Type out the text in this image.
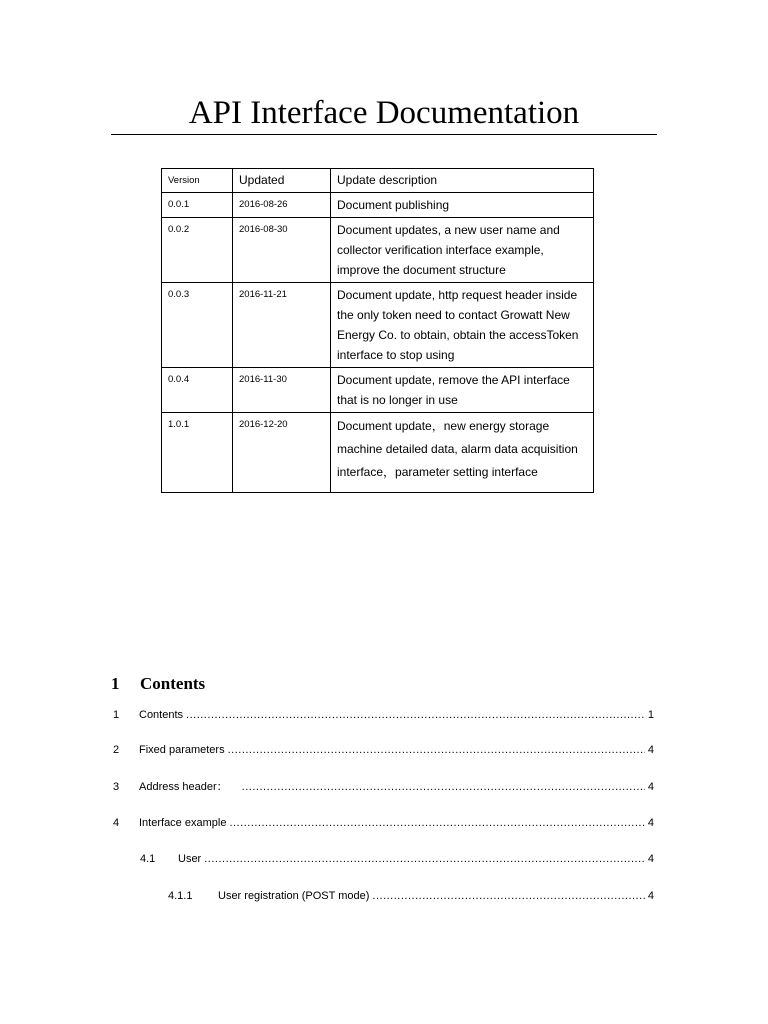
API Interface Documentation
Version	Updated	Update description
0.0.1	2016-08-26	Document publishing
0.0.2	2016-08-30	Document updates, a new user name and collector verification interface example, improve the document structure
0.0.3	2016-11-21	Document update, http request header inside the only token need to contact Growatt New Energy Co. to obtain, obtain the accessToken interface to stop using
0.0.4	2016-11-30	Document update, remove the API interface that is no longer in use
1.0.1	2016-12-20	Document update，new energy storage machine detailed data, alarm data acquisition interface，parameter setting interface
1 Contents
1	Contents .....	1
2	Fixed parameters .....	4
3	Address header： .....	4
4	Interface example .....	4
4.1	User .....	4
4.1.1	User registration (POST mode) .....	4
